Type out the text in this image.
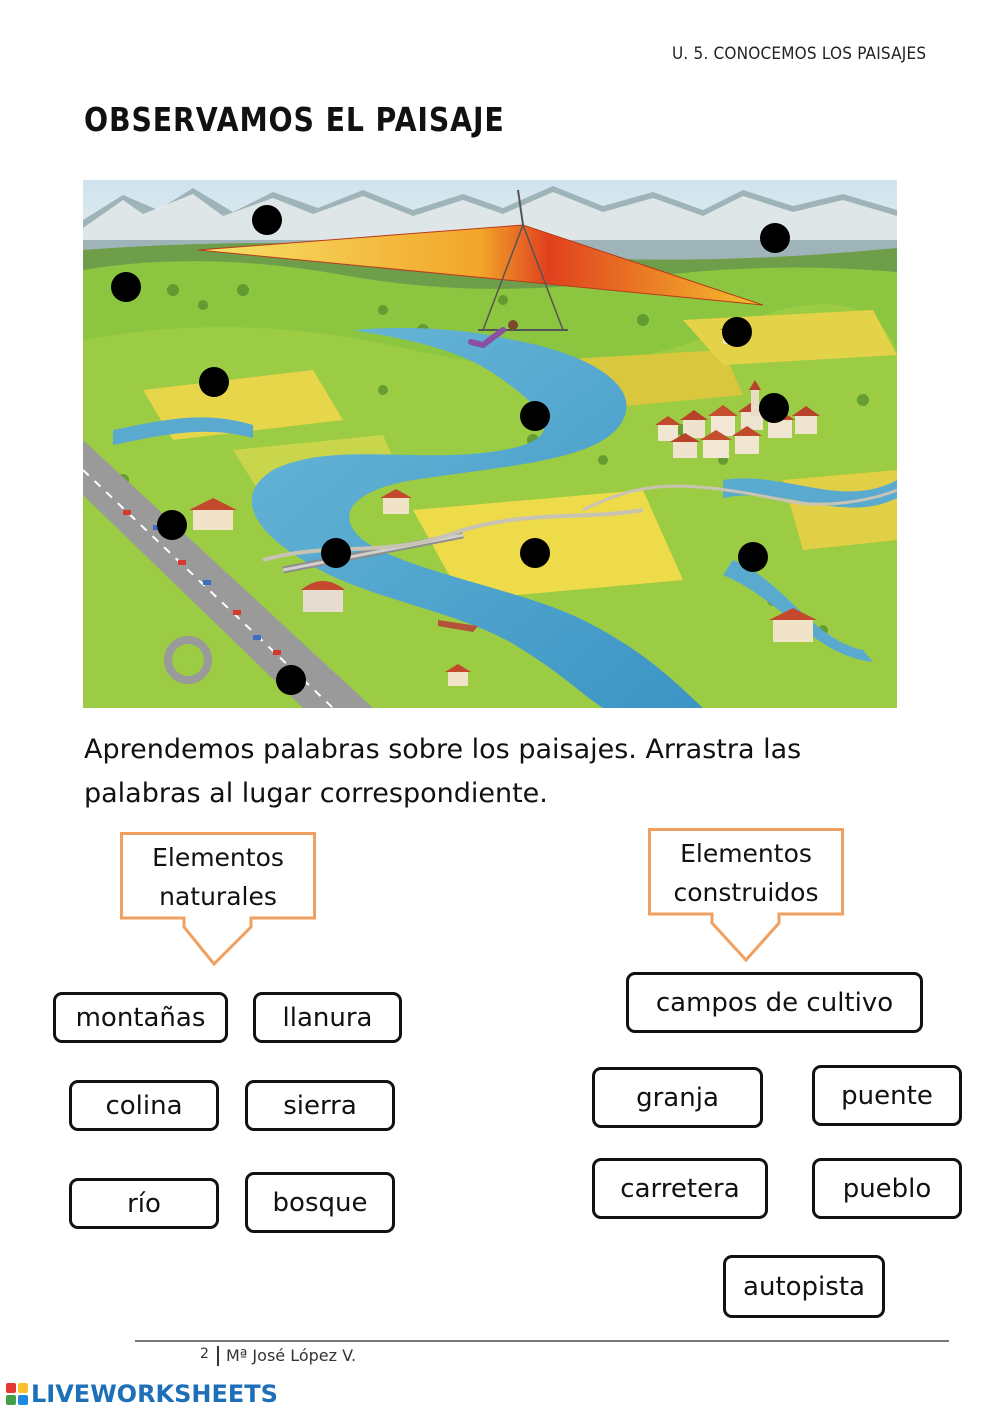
U. 5. CONOCEMOS LOS PAISAJES
OBSERVAMOS EL PAISAJE
Aprendemos palabras sobre los paisajes. Arrastra las palabras al lugar correspondiente.
Elementos
naturales
Elementos
construidos
montañas	llanura
colina	sierra
río	bosque
campos de cultivo
granja	puente
carretera	pueblo
autopista
2 Mª José López V.
LIVEWORKSHEETS
